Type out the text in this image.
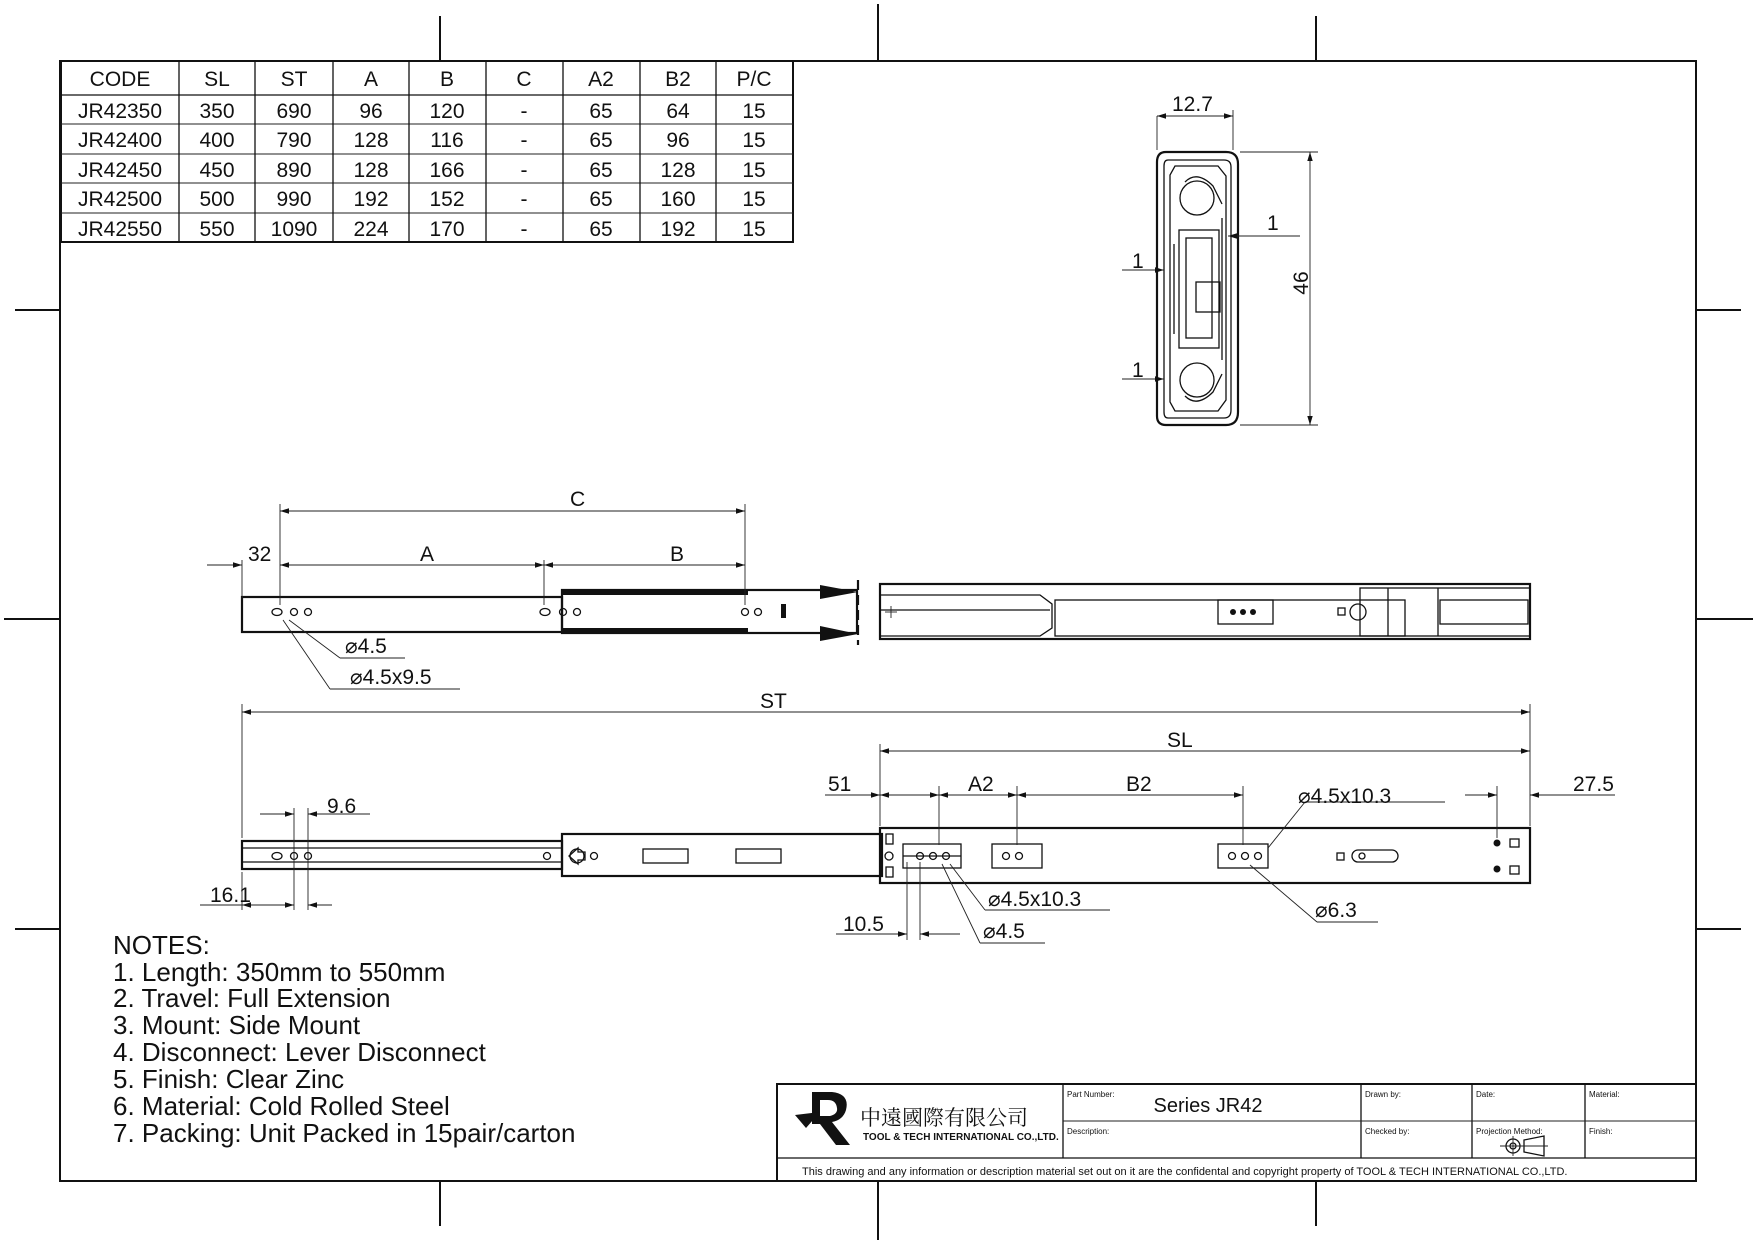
CODE	SL ST	A	B	C	A2 B2 P/C
JR42350 350 690 96 120	-	65	64	15
JR42400 400 790 128 116	-	65	96	15
JR42450 450 890 128 166	-	65 128 15
JR42500 500 990 192 152	-	65 160 15
JR42550 550 1090 224 170	-	65 192 15
12.7
1
1
1
46
C
32	A	B
⌀4.5
⌀4.5x9.5
ST
SL
51	A2	B2	27.5
9.6
16.1
10.5
⌀4.5x10.3
⌀4.5x10.3
⌀4.5
⌀6.3
NOTES:
1. Length: 350mm to 550mm
2. Travel: Full Extension
3. Mount: Side Mount
4. Disconnect: Lever Disconnect
5. Finish: Clear Zinc
6. Material: Cold Rolled Steel
7. Packing: Unit Packed in 15pair/carton	中遠國際有限公司
TOOL & TECH INTERNATIONAL CO.,LTD.
Part Number:
Series JR42
Description:
Drawn by:
Checked by:
Date:
Projection Method:
Material:
Finish:
This drawing and any information or description material set out on it are the confidental and copyright property of TOOL & TECH INTERNATIONAL CO.,LTD.
